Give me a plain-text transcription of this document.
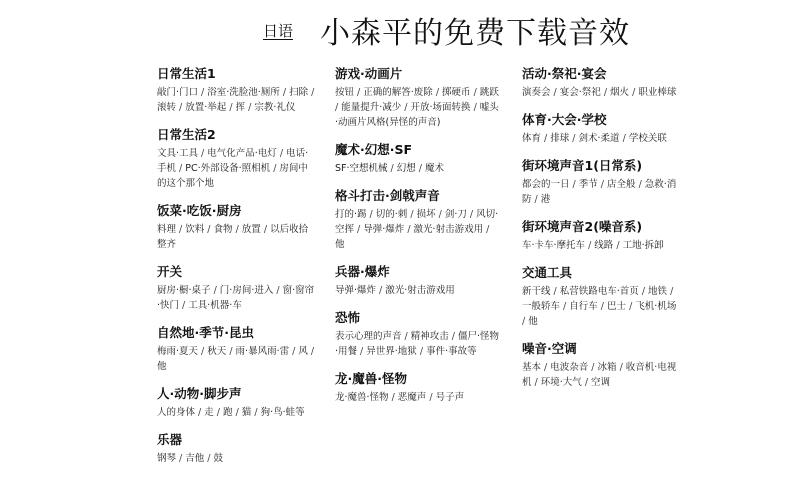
日语 小森平的免费下载音效
日常生活1
敲门·门口 / 浴室·洗脸池·厕所 / 扫除 / 滚转 / 放置·举起 / 挥 / 宗教·礼仪
日常生活2
文具·工具 / 电气化产品·电灯 / 电话·手机 / PC·外部设备·照相机 / 房间中的这个那个地
饭菜·吃饭·厨房
料理 / 饮料 / 食物 / 放置 / 以后收拾整齐
开关
厨房·橱·桌子 / 门·房间·进入 / 窗·窗帘·快门 / 工具·机器·车
自然地·季节·昆虫
梅雨·夏天 / 秋天 / 雨·暴风雨·雷 / 风 / 他
人·动物·脚步声
人的身体 / 走 / 跑 / 猫 / 狗·鸟·蛙等
乐器
钢琴 / 吉他 / 鼓
游戏·动画片
按钮 / 正确的解答·废除 / 掷硬币 / 跳跃 / 能量提升·减少 / 开放·场面转换 / 嘘头·动画片风格(异怪的声音)
魔术·幻想·SF
SF·空想机械 / 幻想 / 魔术
格斗打击·剑戟声音
打的·踢 / 切的·刺 / 损坏 / 剑·刀 / 风切·空挥 / 导弹·爆炸 / 激光·射击游戏用 / 他
兵器·爆炸
导弹·爆炸 / 激光·射击游戏用
恐怖
表示心理的声音 / 精神攻击 / 僵尸·怪物·用餐 / 异世界·地狱 / 事件·事故等
龙·魔兽·怪物
龙·魔兽·怪物 / 恶魔声 / 号子声
活动·祭祀·宴会
演奏会 / 宴会·祭祀 / 烟火 / 职业棒球
体育·大会·学校
体育 / 排球 / 剑术·柔道 / 学校关联
街环境声音1(日常系)
都会的一日 / 季节 / 店全般 / 急救·消防 / 港
街环境声音2(噪音系)
车·卡车·摩托车 / 线路 / 工地·拆卸
交通工具
新干线 / 私营铁路电车·首页 / 地铁 / 一般轿车 / 自行车 / 巴士 / 飞机·机场 / 他
噪音·空调
基本 / 电波杂音 / 冰箱 / 收音机·电视机 / 环境·大气 / 空调
